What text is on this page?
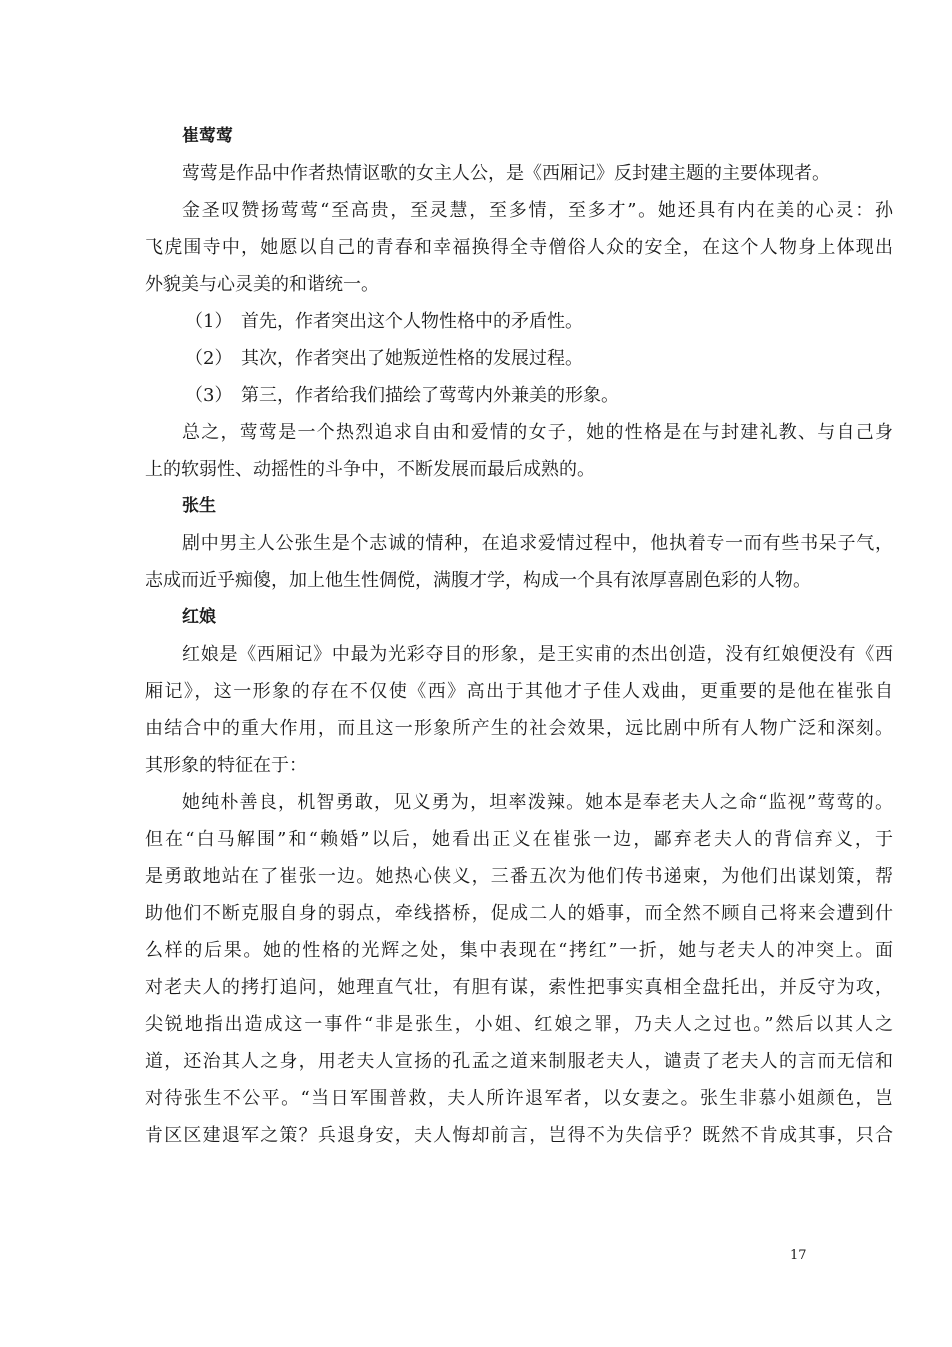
崔莺莺
莺莺是作品中作者热情讴歌的女主人公，是《西厢记》反封建主题的主要体现者。
金圣叹赞扬莺莺“至高贵，至灵慧，至多情，至多才”。她还具有内在美的心灵：孙
飞虎围寺中，她愿以自己的青春和幸福换得全寺僧俗人众的安全，在这个人物身上体现出
外貌美与心灵美的和谐统一。
（1） 首先，作者突出这个人物性格中的矛盾性。
（2） 其次，作者突出了她叛逆性格的发展过程。
（3） 第三，作者给我们描绘了莺莺内外兼美的形象。
总之，莺莺是一个热烈追求自由和爱情的女子，她的性格是在与封建礼教、与自己身
上的软弱性、动摇性的斗争中，不断发展而最后成熟的。
张生
剧中男主人公张生是个志诚的情种，在追求爱情过程中，他执着专一而有些书呆子气，
志成而近乎痴傻，加上他生性倜傥，满腹才学，构成一个具有浓厚喜剧色彩的人物。
红娘
红娘是《西厢记》中最为光彩夺目的形象，是王实甫的杰出创造，没有红娘便没有《西
厢记》，这一形象的存在不仅使《西》高出于其他才子佳人戏曲，更重要的是他在崔张自
由结合中的重大作用，而且这一形象所产生的社会效果，远比剧中所有人物广泛和深刻。
其形象的特征在于：
她纯朴善良，机智勇敢，见义勇为，坦率泼辣。她本是奉老夫人之命“监视”莺莺的。
但在“白马解围”和“赖婚”以后，她看出正义在崔张一边，鄙弃老夫人的背信弃义，于
是勇敢地站在了崔张一边。她热心侠义，三番五次为他们传书递柬，为他们出谋划策，帮
助他们不断克服自身的弱点，牵线搭桥，促成二人的婚事，而全然不顾自己将来会遭到什
么样的后果。她的性格的光辉之处，集中表现在“拷红”一折，她与老夫人的冲突上。面
对老夫人的拷打追问，她理直气壮，有胆有谋，索性把事实真相全盘托出，并反守为攻，
尖锐地指出造成这一事件“非是张生，小姐、红娘之罪，乃夫人之过也。”然后以其人之
道，还治其人之身，用老夫人宣扬的孔孟之道来制服老夫人，谴责了老夫人的言而无信和
对待张生不公平。“当日军围普救，夫人所许退军者，以女妻之。张生非慕小姐颜色，岂
肯区区建退军之策？兵退身安，夫人悔却前言，岂得不为失信乎？既然不肯成其事，只合
17
